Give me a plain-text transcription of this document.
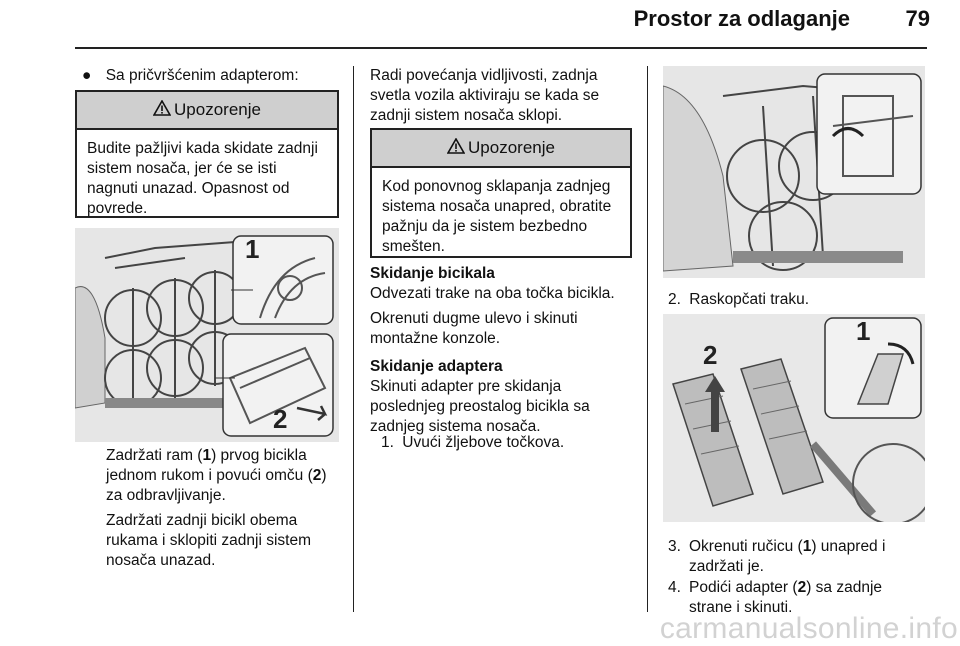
Prostor za odlaganje	79
● Sa pričvršćenim adapterom:
Upozorenje
Budite pažljivi kada skidate zadnji sistem nosača, jer će se isti nagnuti unazad. Opasnost od povrede.
1
2
Zadržati ram (1) prvog bicikla jednom rukom i povući omču (2) za odbravljivanje.
Zadržati zadnji bicikl obema rukama i sklopiti zadnji sistem nosača unazad.
Radi povećanja vidljivosti, zadnja svetla vozila aktiviraju se kada se zadnji sistem nosača sklopi.
Upozorenje
Kod ponovnog sklapanja zadnjeg sistema nosača unapred, obratite pažnju da je sistem bezbedno smešten.
Skidanje bicikala
Odvezati trake na oba točka bicikla.
Okrenuti dugme ulevo i skinuti montažne konzole.
Skidanje adaptera
Skinuti adapter pre skidanja poslednjeg preostalog bicikla sa zadnjeg sistema nosača.
1. Uvući žljebove točkova.
2. Raskopčati traku.
1
2
3. Okrenuti ručicu (1) unapred i zadržati je.
4. Podići adapter (2) sa zadnje strane i skinuti.
carmanualsonline.info
